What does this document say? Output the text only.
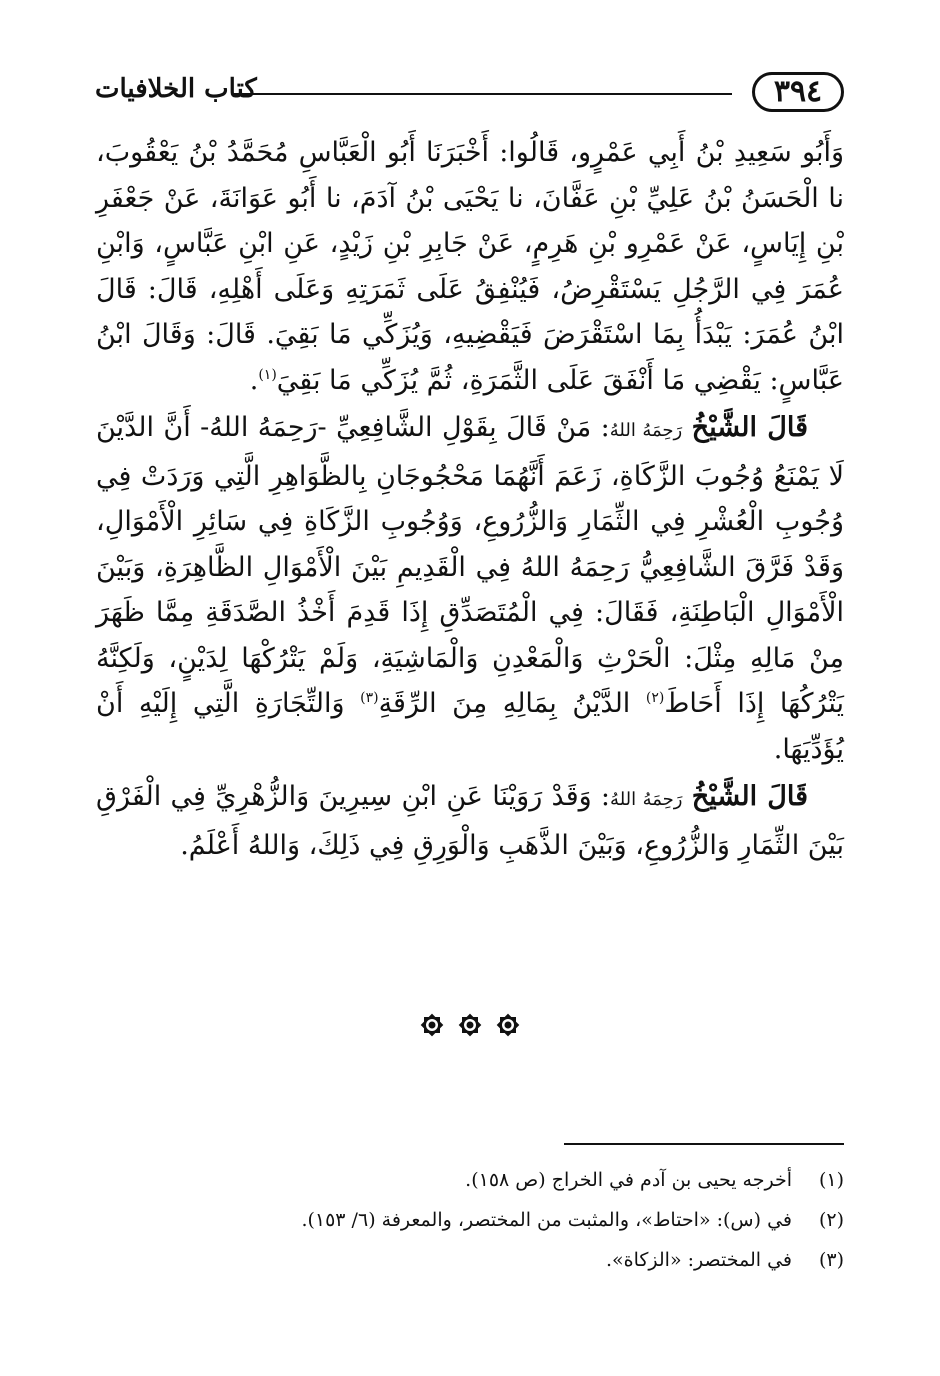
٣٩٤
كتاب الخلافيات

وَأَبُو سَعِيدِ بْنُ أَبِي عَمْرٍو، قَالُوا: أَخْبَرَنَا أَبُو الْعَبَّاسِ مُحَمَّدُ بْنُ يَعْقُوبَ، نا الْحَسَنُ بْنُ عَلِيِّ بْنِ عَفَّانَ، نا يَحْيَى بْنُ آدَمَ، نا أَبُو عَوَانَةَ، عَنْ جَعْفَرِ بْنِ إِيَاسٍ، عَنْ عَمْرِو بْنِ هَرِمٍ، عَنْ جَابِرِ بْنِ زَيْدٍ، عَنِ ابْنِ عَبَّاسٍ، وَابْنِ عُمَرَ فِي الرَّجُلِ يَسْتَقْرِضُ، فَيُنْفِقُ عَلَى ثَمَرَتِهِ وَعَلَى أَهْلِهِ، قَالَ: قَالَ ابْنُ عُمَرَ: يَبْدَأُ بِمَا اسْتَقْرَضَ فَيَقْضِيهِ، وَيُزَكِّي مَا بَقِيَ. قَالَ: وَقَالَ ابْنُ عَبَّاسٍ: يَقْضِي مَا أَنْفَقَ عَلَى الثَّمَرَةِ، ثُمَّ يُزَكِّي مَا بَقِيَ$^{(١)}$.

قَالَ الشَّيْخُ رَحِمَهُ اللهُ: مَنْ قَالَ بِقَوْلِ الشَّافِعِيِّ -رَحِمَهُ اللهُ- أَنَّ الدَّيْنَ لَا يَمْنَعُ وُجُوبَ الزَّكَاةِ، زَعَمَ أَنَّهُمَا مَحْجُوجَانِ بِالظَّوَاهِرِ الَّتِي وَرَدَتْ فِي وُجُوبِ الْعُشْرِ فِي الثِّمَارِ وَالزُّرُوعِ، وَوُجُوبِ الزَّكَاةِ فِي سَائِرِ الْأَمْوَالِ، وَقَدْ فَرَّقَ الشَّافِعِيُّ رَحِمَهُ اللهُ فِي الْقَدِيمِ بَيْنَ الْأَمْوَالِ الظَّاهِرَةِ، وَبَيْنَ الْأَمْوَالِ الْبَاطِنَةِ، فَقَالَ: فِي الْمُتَصَدِّقِ إِذَا قَدِمَ أَخْذُ الصَّدَقَةِ مِمَّا ظَهَرَ مِنْ مَالِهِ مِثْلَ: الْحَرْثِ وَالْمَعْدِنِ وَالْمَاشِيَةِ، وَلَمْ يَتْرُكْهَا لِدَيْنٍ، وَلَكِنَّهُ يَتْرُكُهَا إِذَا أَحَاطَ$^{(٢)}$ الدَّيْنُ بِمَالِهِ مِنَ الرِّقَةِ$^{(٣)}$ وَالتِّجَارَةِ الَّتِي إِلَيْهِ أَنْ يُؤَدِّيَهَا.

قَالَ الشَّيْخُ رَحِمَهُ اللهُ: وَقَدْ رَوَيْنَا عَنِ ابْنِ سِيرِينَ وَالزُّهْرِيِّ فِي الْفَرْقِ بَيْنَ الثِّمَارِ وَالزُّرُوعِ، وَبَيْنَ الذَّهَبِ وَالْوَرِقِ فِي ذَلِكَ، وَاللهُ أَعْلَمُ.

(١)
أخرجه يحيى بن آدم في الخراج (ص ١٥٨).
(٢)
في (س): «احتاط»، والمثبت من المختصر، والمعرفة (٦/ ١٥٣).
(٣)
في المختصر: «الزكاة».
